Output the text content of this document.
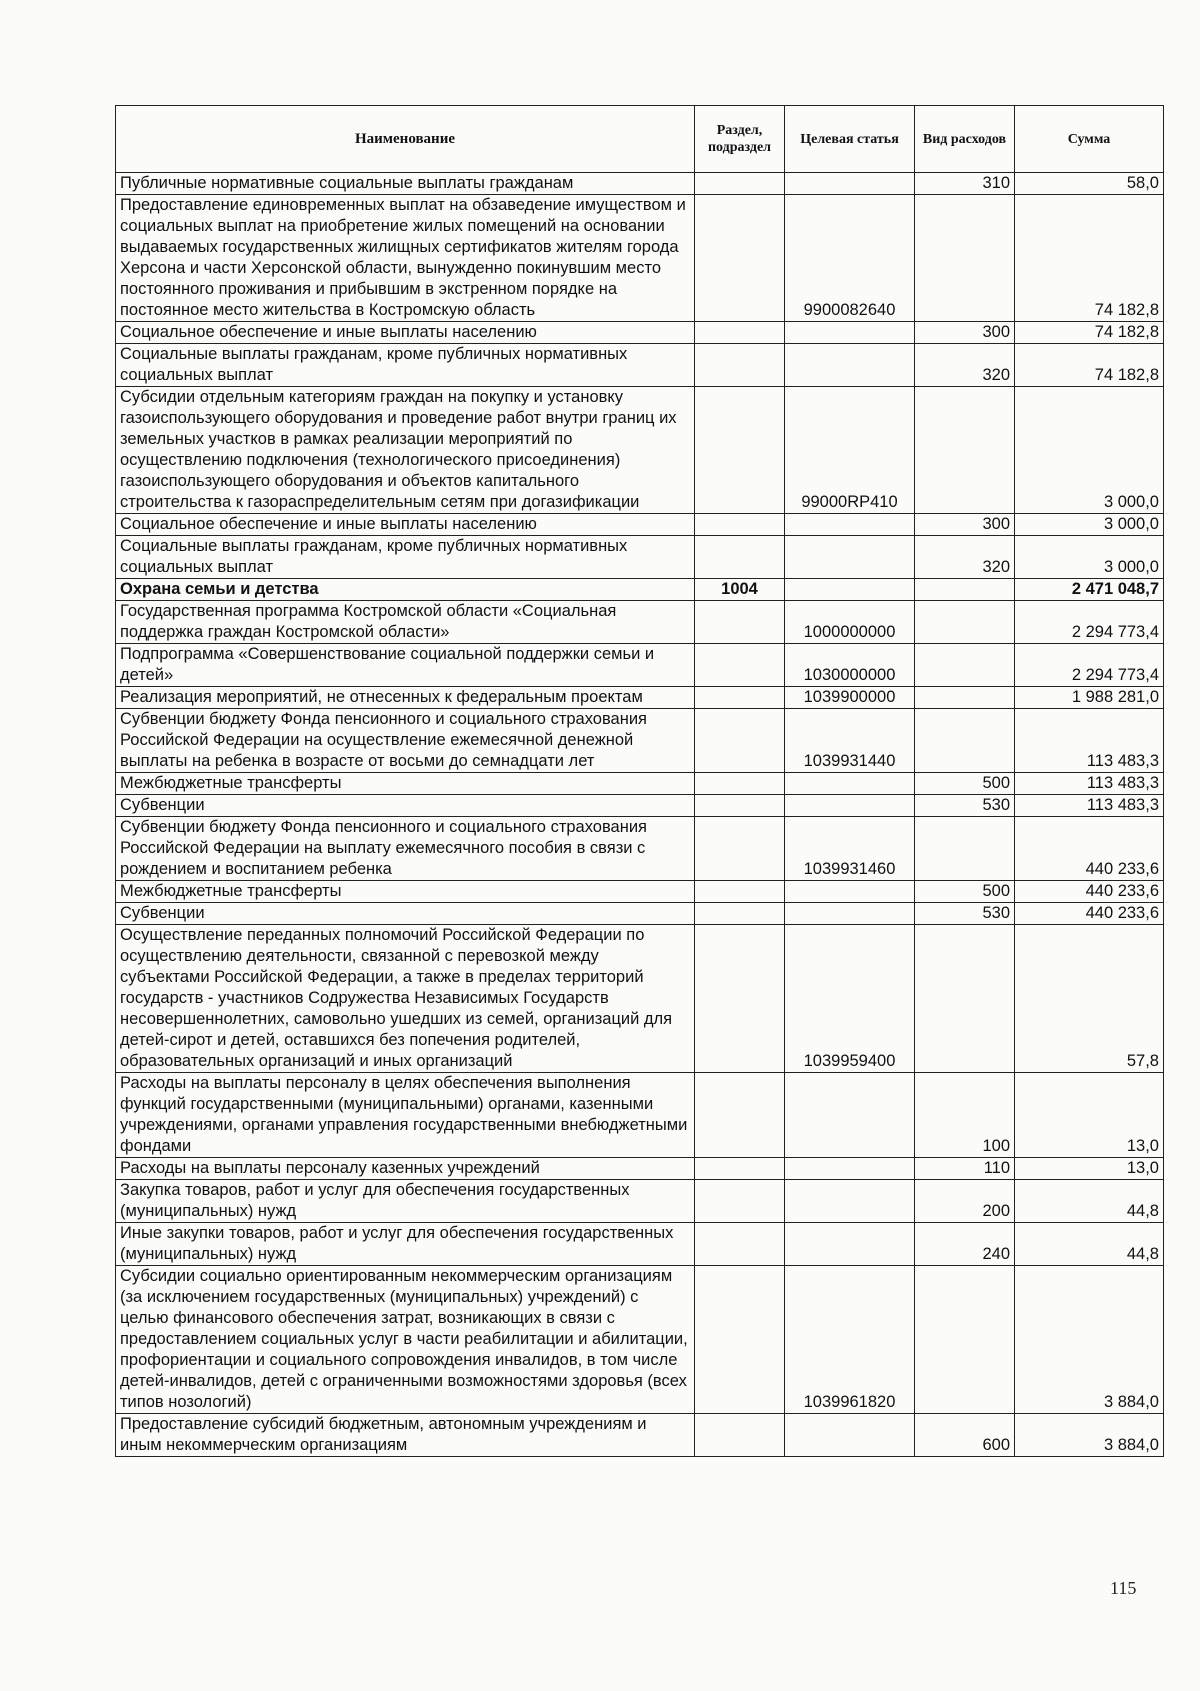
Наименование	Раздел, подраздел	Целевая статья	Вид расходов	Сумма
Публичные нормативные социальные выплаты гражданам			310	58,0
Предоставление единовременных выплат на обзаведение имуществом и социальных выплат на приобретение жилых помещений на основании выдаваемых государственных жилищных сертификатов жителям города Херсона и части Херсонской области, вынужденно покинувшим место постоянного проживания и прибывшим в экстренном порядке на постоянное место жительства в Костромскую область		9900082640		74 182,8
Социальное обеспечение и иные выплаты населению			300	74 182,8
Социальные выплаты гражданам, кроме публичных нормативных социальных выплат			320	74 182,8
Субсидии отдельным категориям граждан на покупку и установку газоиспользующего оборудования и проведение работ внутри границ их земельных участков в рамках реализации мероприятий по осуществлению подключения (технологического присоединения) газоиспользующего оборудования и объектов капитального строительства к газораспределительным сетям при догазификации		99000RP410		3 000,0
Социальное обеспечение и иные выплаты населению			300	3 000,0
Социальные выплаты гражданам, кроме публичных нормативных социальных выплат			320	3 000,0
Охрана семьи и детства	1004			2 471 048,7
Государственная программа Костромской области «Социальная поддержка граждан Костромской области»		1000000000		2 294 773,4
Подпрограмма «Совершенствование социальной поддержки семьи и детей»		1030000000		2 294 773,4
Реализация мероприятий, не отнесенных к федеральным проектам		1039900000		1 988 281,0
Субвенции бюджету Фонда пенсионного и социального страхования Российской Федерации на осуществление ежемесячной денежной выплаты на ребенка в возрасте от восьми до семнадцати лет		1039931440		113 483,3
Межбюджетные трансферты			500	113 483,3
Субвенции			530	113 483,3
Субвенции бюджету Фонда пенсионного и социального страхования Российской Федерации на выплату ежемесячного пособия в связи с рождением и воспитанием ребенка		1039931460		440 233,6
Межбюджетные трансферты			500	440 233,6
Субвенции			530	440 233,6
Осуществление переданных полномочий Российской Федерации по осуществлению деятельности, связанной с перевозкой между субъектами Российской Федерации, а также в пределах территорий государств - участников Содружества Независимых Государств несовершеннолетних, самовольно ушедших из семей, организаций для детей-сирот и детей, оставшихся без попечения родителей, образовательных организаций и иных организаций		1039959400		57,8
Расходы на выплаты персоналу в целях обеспечения выполнения функций государственными (муниципальными) органами, казенными учреждениями, органами управления государственными внебюджетными фондами			100	13,0
Расходы на выплаты персоналу казенных учреждений			110	13,0
Закупка товаров, работ и услуг для обеспечения государственных (муниципальных) нужд			200	44,8
Иные закупки товаров, работ и услуг для обеспечения государственных (муниципальных) нужд			240	44,8
Субсидии социально ориентированным некоммерческим организациям (за исключением государственных (муниципальных) учреждений) с целью финансового обеспечения затрат, возникающих в связи с предоставлением социальных услуг в части реабилитации и абилитации, профориентации и социального сопровождения инвалидов, в том числе детей-инвалидов, детей с ограниченными возможностями здоровья (всех типов нозологий)		1039961820		3 884,0
Предоставление субсидий бюджетным, автономным учреждениям и иным некоммерческим организациям			600	3 884,0
115
